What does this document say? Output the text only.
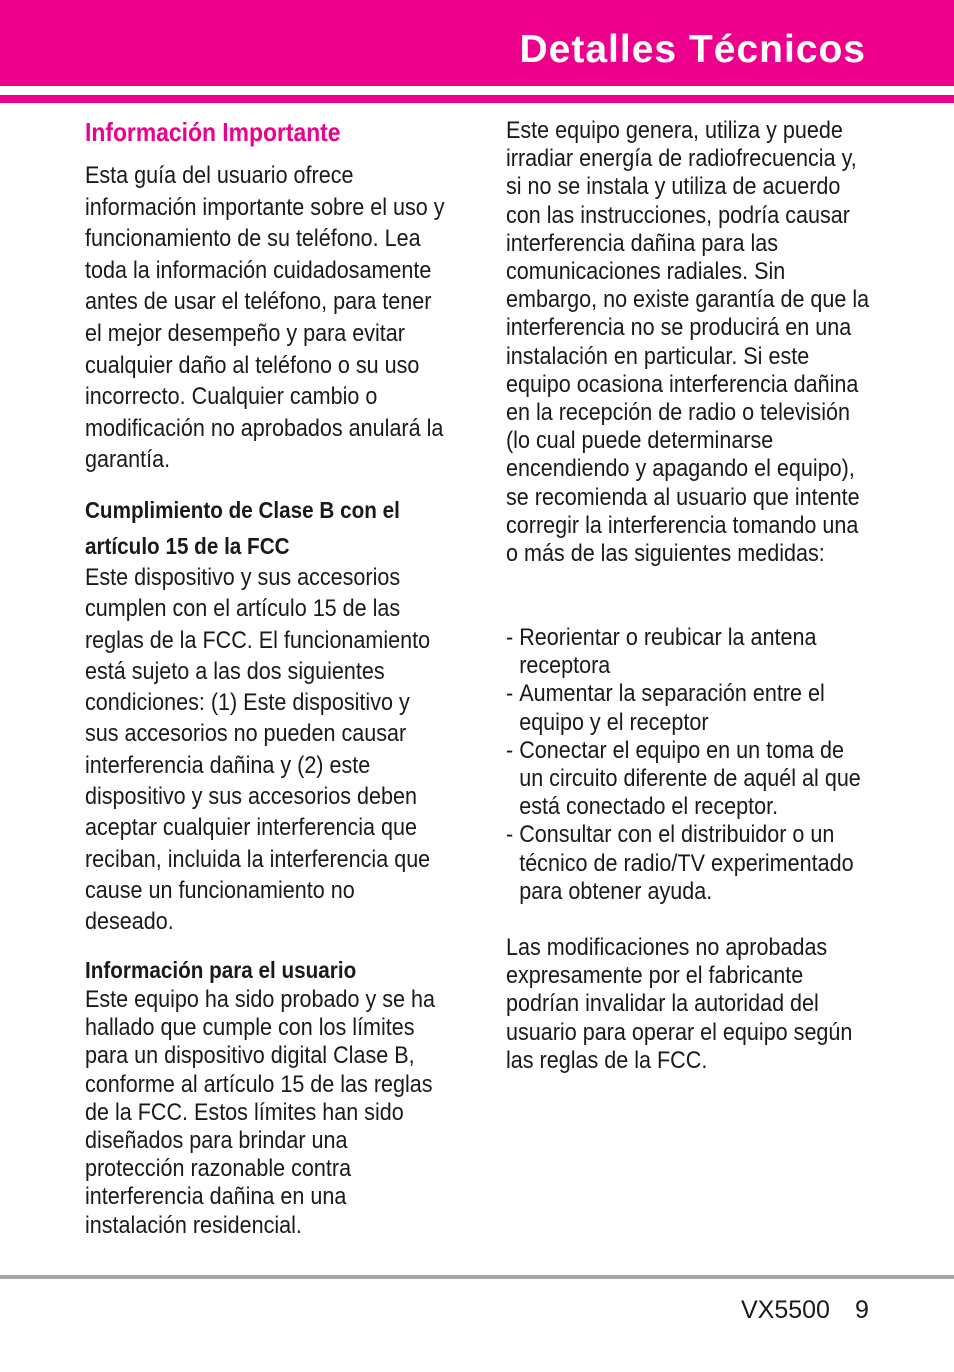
Detalles Técnicos
Información Importante

Esta guía del usuario ofrece información importante sobre el uso y funcionamiento de su teléfono. Lea toda la información cuidadosamente antes de usar el teléfono, para tener el mejor desempeño y para evitar cualquier daño al teléfono o su uso incorrecto. Cualquier cambio o modificación no aprobados anulará la garantía.

Cumplimiento de Clase B con el artículo 15 de la FCC

Este dispositivo y sus accesorios cumplen con el artículo 15 de las reglas de la FCC. El funcionamiento está sujeto a las dos siguientes condiciones: (1) Este dispositivo y sus accesorios no pueden causar interferencia dañina y (2) este dispositivo y sus accesorios deben aceptar cualquier interferencia que reciban, incluida la interferencia que cause un funcionamiento no deseado.

Información para el usuario

Este equipo ha sido probado y se ha hallado que cumple con los límites para un dispositivo digital Clase B, conforme al artículo 15 de las reglas de la FCC. Estos límites han sido diseñados para brindar una protección razonable contra interferencia dañina en una instalación residencial.

Este equipo genera, utiliza y puede irradiar energía de radiofrecuencia y, si no se instala y utiliza de acuerdo con las instrucciones, podría causar interferencia dañina para las comunicaciones radiales. Sin embargo, no existe garantía de que la interferencia no se producirá en una instalación en particular. Si este equipo ocasiona interferencia dañina en la recepción de radio o televisión (lo cual puede determinarse encendiendo y apagando el equipo), se recomienda al usuario que intente corregir la interferencia tomando una o más de las siguientes medidas:

- Reorientar o reubicar la antena receptora
- Aumentar la separación entre el equipo y el receptor
- Conectar el equipo en un toma de un circuito diferente de aquél al que está conectado el receptor.
- Consultar con el distribuidor o un técnico de radio/TV experimentado para obtener ayuda.

Las modificaciones no aprobadas expresamente por el fabricante podrían invalidar la autoridad del usuario para operar el equipo según las reglas de la FCC.

VX5500 9
